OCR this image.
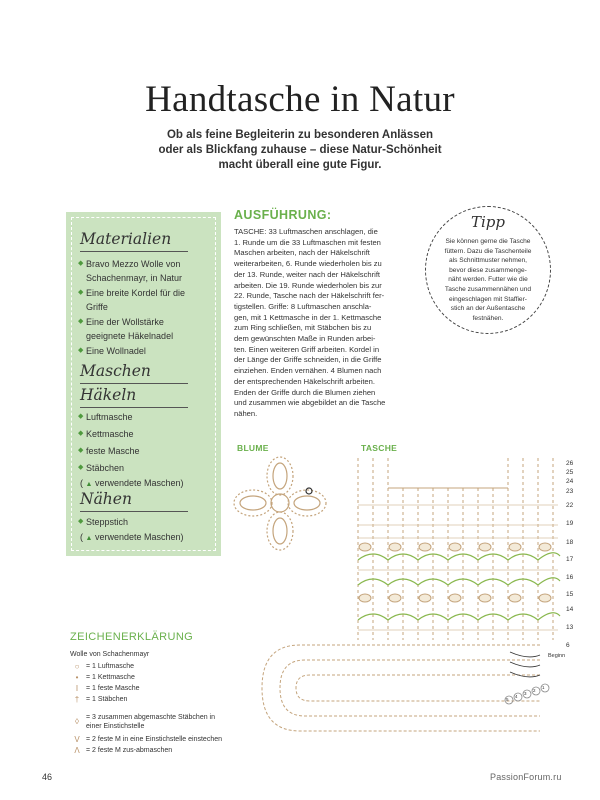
Handtasche in Natur
Ob als feine Begleiterin zu besonderen Anlässen
oder als Blickfang zuhause – diese Natur-Schönheit
macht überall eine gute Figur.
Materialien
◆ Bravo Mezzo Wolle von
Schachenmayr, in Natur
◆ Eine breite Kordel für die
Griffe
◆ Eine der Wollstärke
geeignete Häkelnadel
◆ Eine Wollnadel
Maschen
Häkeln
◆ Luftmasche
◆ Kettmasche
◆ feste Masche
◆ Stäbchen
( ▲ verwendete Maschen)
Nähen
◆ Steppstich
( ▲ verwendete Maschen)
AUSFÜHRUNG:
TASCHE: 33 Luftmaschen anschlagen, die
1. Runde um die 33 Luftmaschen mit festen
Maschen arbeiten, nach der Häkelschrift
weiterarbeiten, 6. Runde wiederholen bis zu
der 13. Runde, weiter nach der Häkelschrift
arbeiten. Die 19. Runde wiederholen bis zur
22. Runde, Tasche nach der Häkelschrift fer-
tigstellen. Griffe: 8 Luftmaschen anschla-
gen, mit 1 Kettmasche in der 1. Kettmasche
zum Ring schließen, mit Stäbchen bis zu
dem gewünschten Maße in Runden arbei-
ten. Einen weiteren Griff arbeiten. Kordel in
der Länge der Griffe schneiden, in die Griffe
einziehen. Enden vernähen. 4 Blumen nach
der entsprechenden Häkelschrift arbeiten.
Enden der Griffe durch die Blumen ziehen
und zusammen wie abgebildet an die Tasche
nähen.
Tipp
Sie können gerne die Tasche
füttern. Dazu die Taschenteile
als Schnittmuster nehmen,
bevor diese zusammenge-
näht werden. Futter wie die
Tasche zusammennähen und
eingeschlagen mit Staffier-
stich an der Außentasche
festnähen.
BLUME	TASCHE
26
25
24
23
22
19
18
17
16
15
14
13
6
Beginn
5
4
3
2
1
ZEICHENERKLÄRUNG
Wolle von Schachenmayr
○ = 1 Luftmasche
•	= 1 Kettmasche
I	= 1 feste Masche
† = 1 Stäbchen
◊	= 3 zusammen abgemaschte Stäbchen in
einer Einstichstelle
V = 2 feste M in eine Einstichstelle einstechen
Λ = 2 feste M zus-abmaschen
46	PassionForum.ru
